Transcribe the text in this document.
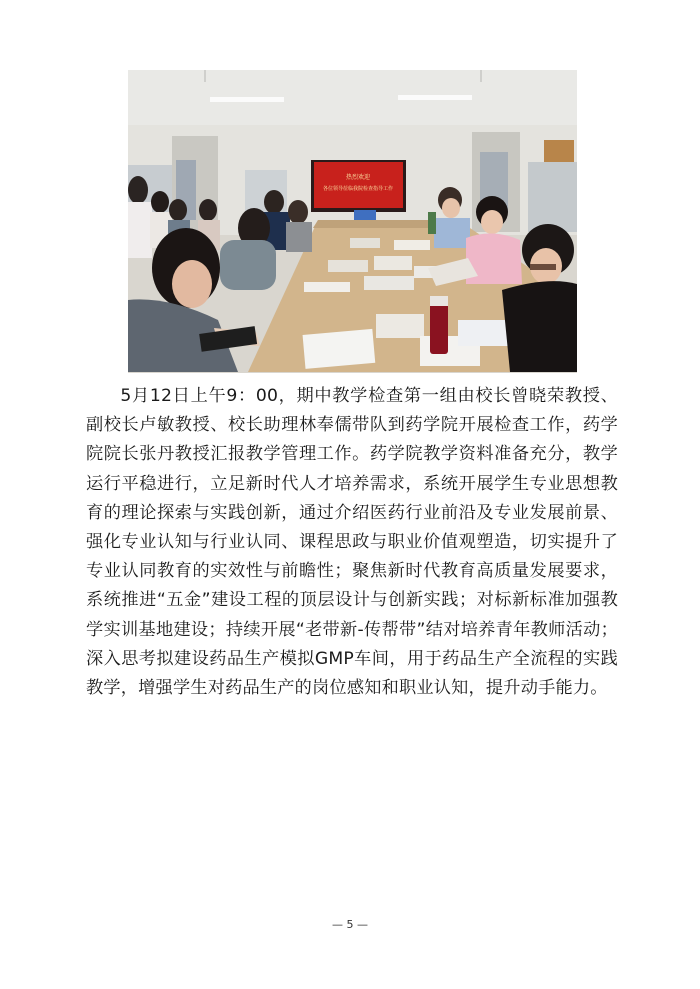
热烈欢迎
各位领导莅临我院检查指导工作

5月12日上午9：00，期中教学检查第一组由校长曾晓荣教授、副校长卢敏教授、校长助理林奉儒带队到药学院开展检查工作，药学院院长张丹教授汇报教学管理工作。药学院教学资料准备充分，教学运行平稳进行，立足新时代人才培养需求，系统开展学生专业思想教育的理论探索与实践创新，通过介绍医药行业前沿及专业发展前景、强化专业认知与行业认同、课程思政与职业价值观塑造，切实提升了专业认同教育的实效性与前瞻性；聚焦新时代教育高质量发展要求，系统推进“五金”建设工程的顶层设计与创新实践；对标新标准加强教学实训基地建设；持续开展“老带新-传帮带”结对培养青年教师活动；深入思考拟建设药品生产模拟GMP车间，用于药品生产全流程的实践教学，增强学生对药品生产的岗位感知和职业认知，提升动手能力。

— 5 —
